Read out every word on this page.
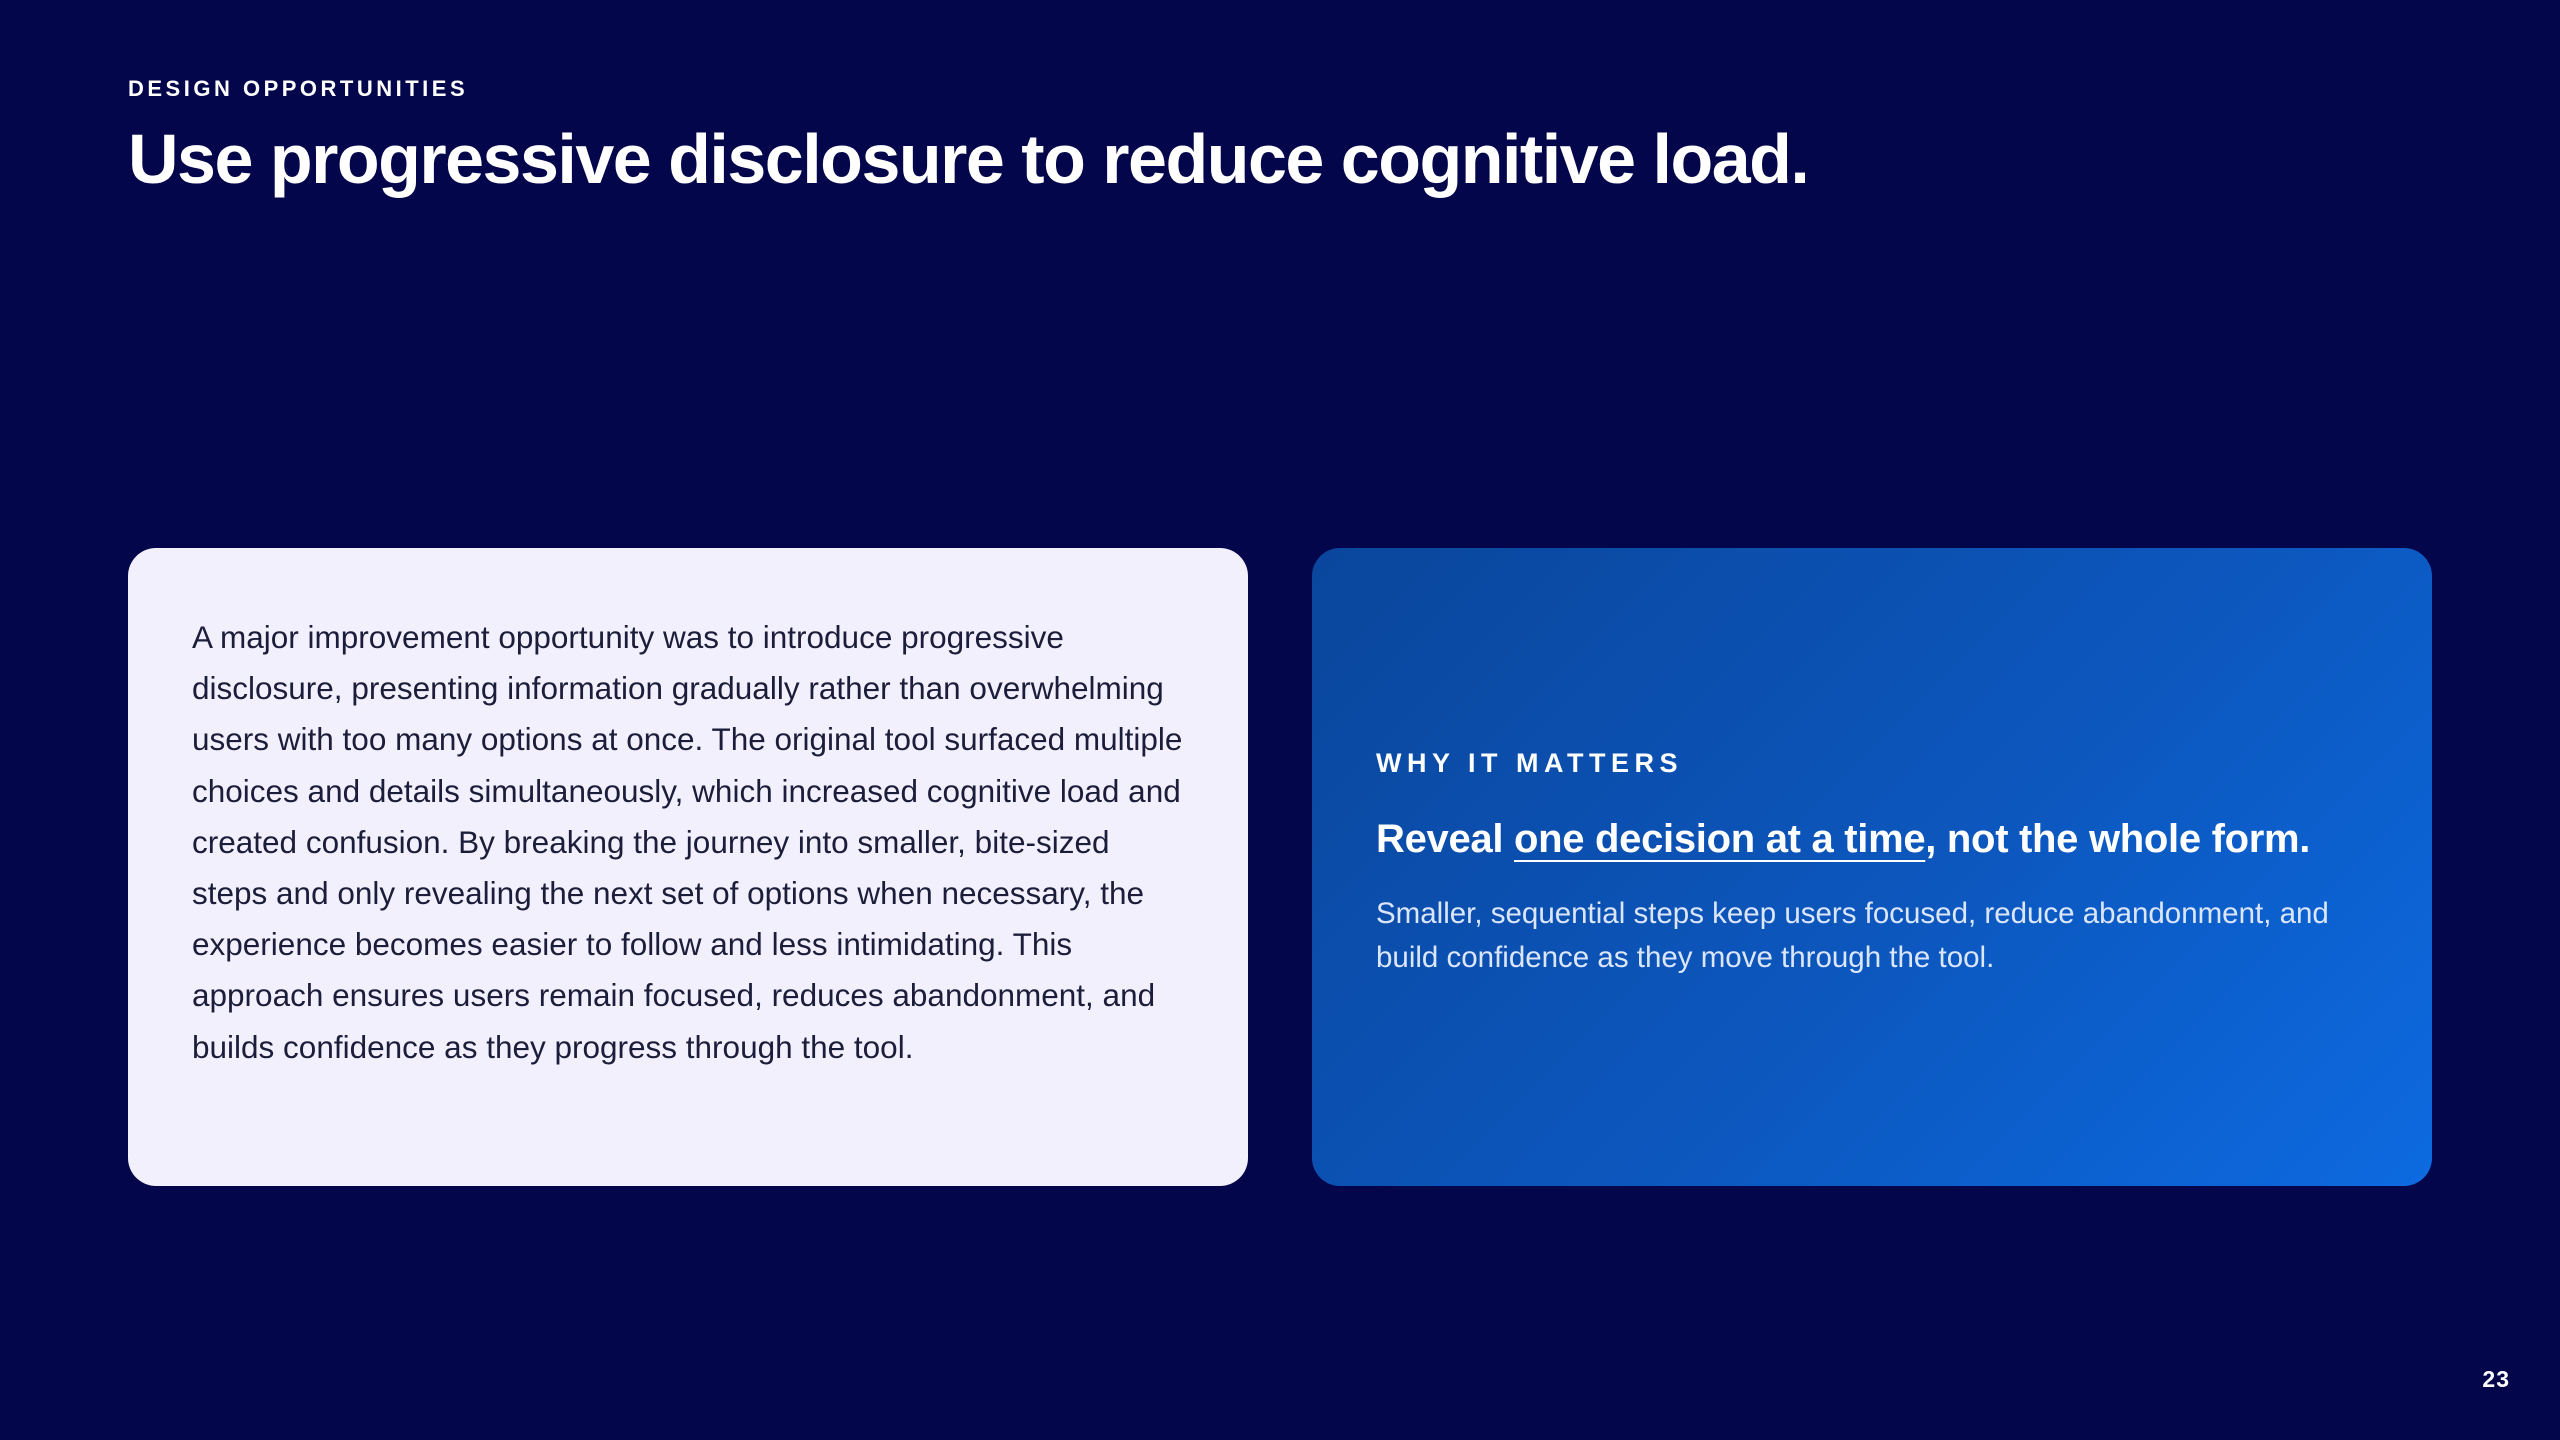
DESIGN OPPORTUNITIES
Use progressive disclosure to reduce cognitive load.

A major improvement opportunity was to introduce progressive disclosure, presenting information gradually rather than overwhelming users with too many options at once. The original tool surfaced multiple choices and details simultaneously, which increased cognitive load and created confusion. By breaking the journey into smaller, bite-sized steps and only revealing the next set of options when necessary, the experience becomes easier to follow and less intimidating. This approach ensures users remain focused, reduces abandonment, and builds confidence as they progress through the tool.

WHY IT MATTERS
Reveal one decision at a time, not the whole form.

Smaller, sequential steps keep users focused, reduce abandonment, and build confidence as they move through the tool.

23
